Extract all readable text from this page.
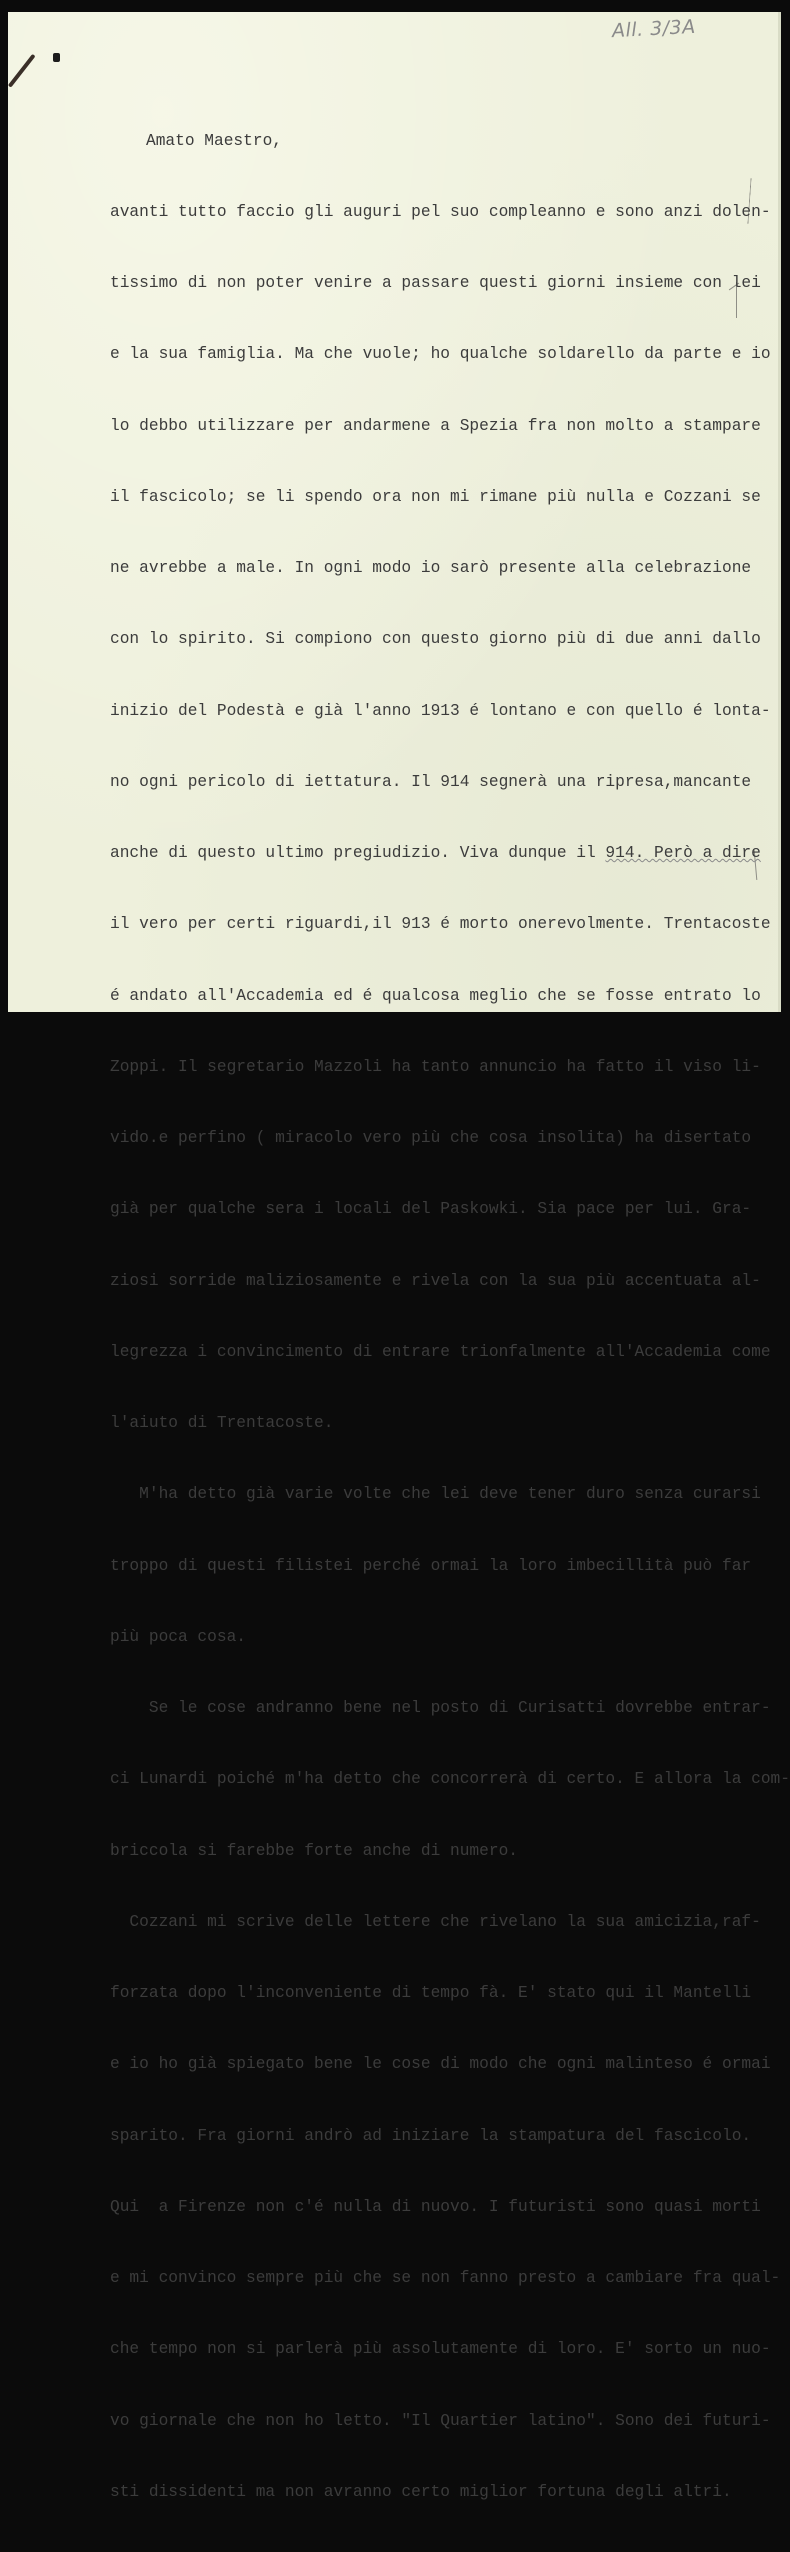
All. 3/3A

Amato Maestro,

avanti tutto faccio gli auguri pel suo compleanno e sono anzi dolen-

tissimo di non poter venire a passare questi giorni insieme con lei

e la sua famiglia. Ma che vuole; ho qualche soldarello da parte e io

lo debbo utilizzare per andarmene a Spezia fra non molto a stampare

il fascicolo; se li spendo ora non mi rimane più nulla e Cozzani se

ne avrebbe a male. In ogni modo io sarò presente alla celebrazione

con lo spirito. Si compiono con questo giorno più di due anni dallo

inizio del Podestà e già l'anno 1913 é lontano e con quello é lonta-

no ogni pericolo di iettatura. Il 914 segnerà una ripresa,mancante

anche di questo ultimo pregiudizio. Viva dunque il 914. Però a dire

il vero per certi riguardi,il 913 é morto onerevolmente. Trentacoste

é andato all'Accademia ed é qualcosa meglio che se fosse entrato lo

Zoppi. Il segretario Mazzoli ha tanto annuncio ha fatto il viso li-

vido.e perfino ( miracolo vero più che cosa insolita) ha disertato

già per qualche sera i locali del Paskowki. Sia pace per lui. Gra-

ziosi sorride maliziosamente e rivela con la sua più accentuata al-

legrezza i convincimento di entrare trionfalmente all'Accademia come

l'aiuto di Trentacoste.

M'ha detto già varie volte che lei deve tener duro senza curarsi

troppo di questi filistei perché ormai la loro imbecillità può far

più poca cosa.

Se le cose andranno bene nel posto di Curisatti dovrebbe entrar-

ci Lunardi poiché m'ha detto che concorrerà di certo. E allora la com-

briccola si farebbe forte anche di numero.

Cozzani mi scrive delle lettere che rivelano la sua amicizia,raf-

forzata dopo l'inconveniente di tempo fà. E' stato qui il Mantelli

e io ho già spiegato bene le cose di modo che ogni malinteso é ormai

sparito. Fra giorni andrò ad iniziare la stampatura del fascicolo.

Qui  a Firenze non c'é nulla di nuovo. I futuristi sono quasi morti

e mi convinco sempre più che se non fanno presto a cambiare fra qual-

che tempo non si parlerà più assolutamente di loro. E' sorto un nuo-

vo giornale che non ho letto. "Il Quartier latino". Sono dei futuri-

sti dissidenti ma non avranno certo miglior fortuna degli altri.
